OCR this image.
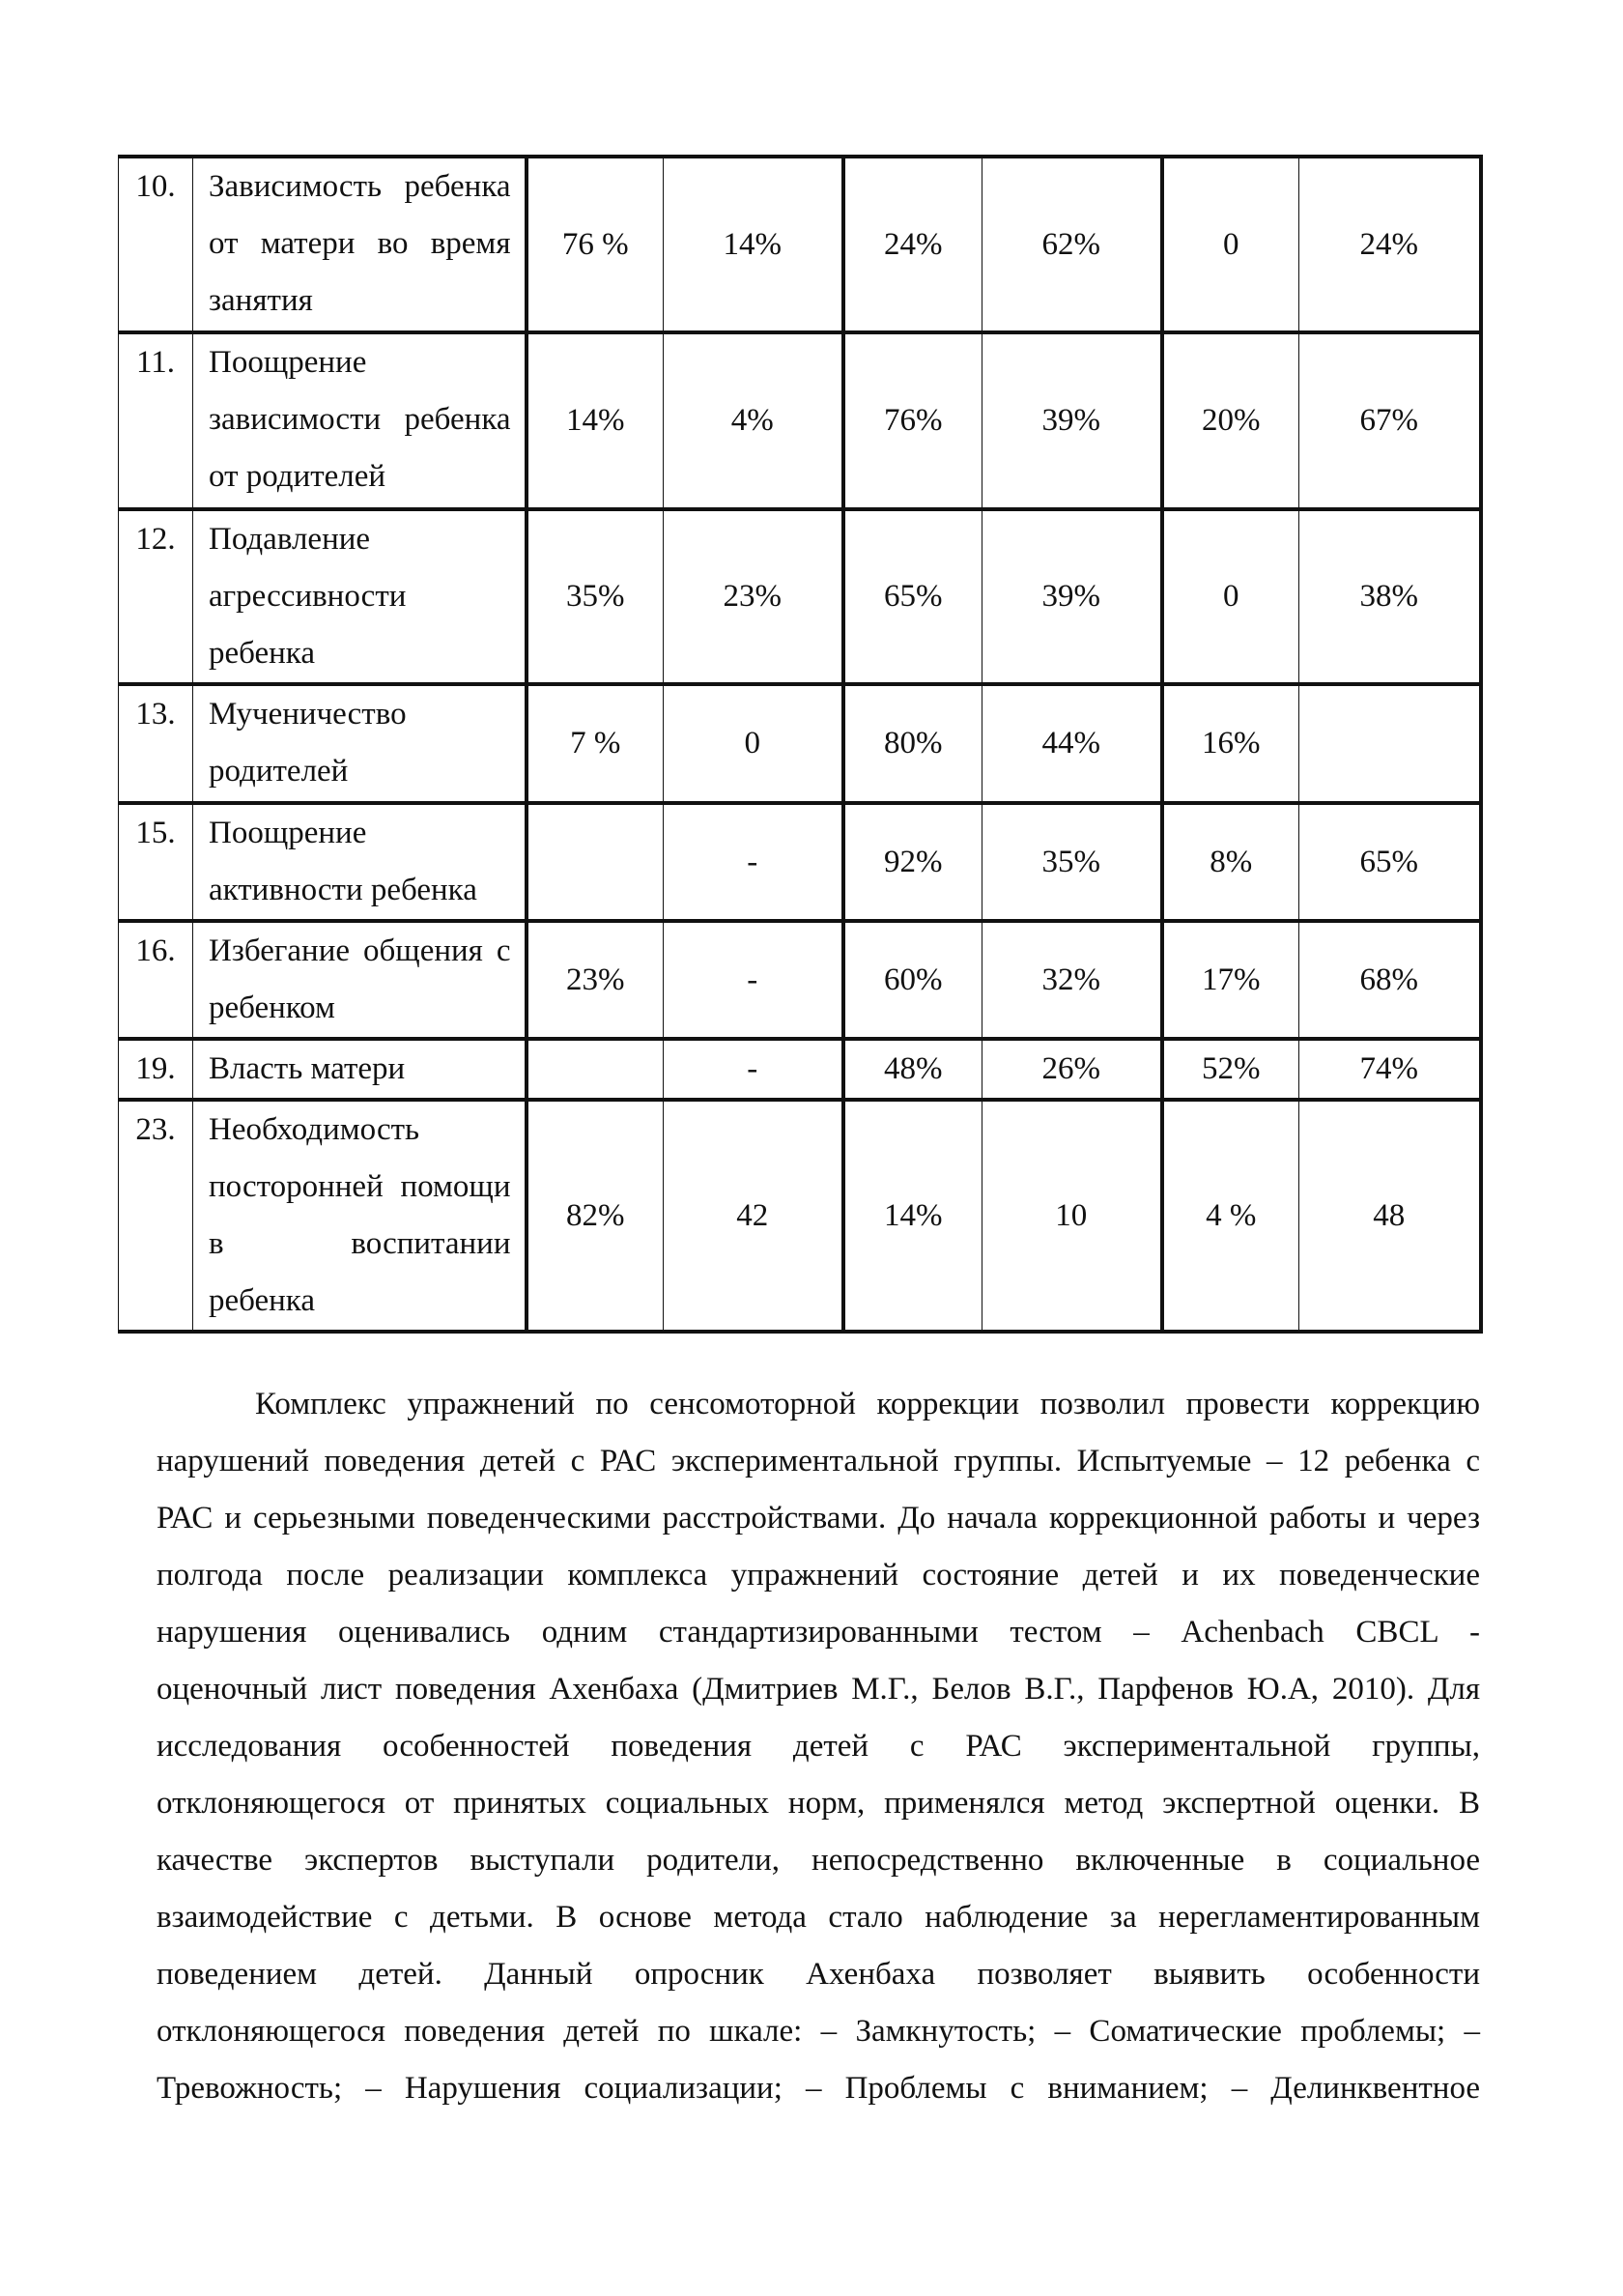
10.	Зависимость ребенка
от матери во время
занятия	76 %	14%	24%	62%	0	24%
11.	Поощрение
зависимости ребенка
от родителей	14%	4%	76%	39%	20%	67%
12.	Подавление
агрессивности
ребенка	35%	23%	65%	39%	0	38%
13.	Мученичество
родителей	7 %	0	80%	44%	16%	
15.	Поощрение
активности ребенка		-	92%	35%	8%	65%
16.	Избегание общения с
ребенком	23%	-	60%	32%	17%	68%
19.	Власть матери		-	48%	26%	52%	74%
23.	Необходимость
посторонней помощи
в воспитании
ребенка	82%	42	14%	10	4 %	48
Комплекс упражнений по сенсомоторной коррекции позволил провести коррекцию
нарушений поведения детей с РАС экспериментальной группы. Испытуемые – 12 ребенка с
РАС и серьезными поведенческими расстройствами. До начала коррекционной работы и через
полгода после реализации комплекса упражнений состояние детей и их поведенческие
нарушения оценивались одним стандартизированными тестом – Achenbach CBCL -
оценочный лист поведения Ахенбаха (Дмитриев М.Г., Белов В.Г., Парфенов Ю.А, 2010). Для
исследования особенностей поведения детей с РАС экспериментальной группы,
отклоняющегося от принятых социальных норм, применялся метод экспертной оценки. В
качестве экспертов выступали родители, непосредственно включенные в социальное
взаимодействие с детьми. В основе метода стало наблюдение за нерегламентированным
поведением детей. Данный опросник Ахенбаха позволяет выявить особенности
отклоняющегося поведения детей по шкале: – Замкнутость; – Соматические проблемы; –
Тревожность; – Нарушения социализации; – Проблемы с вниманием; – Делинквентное
